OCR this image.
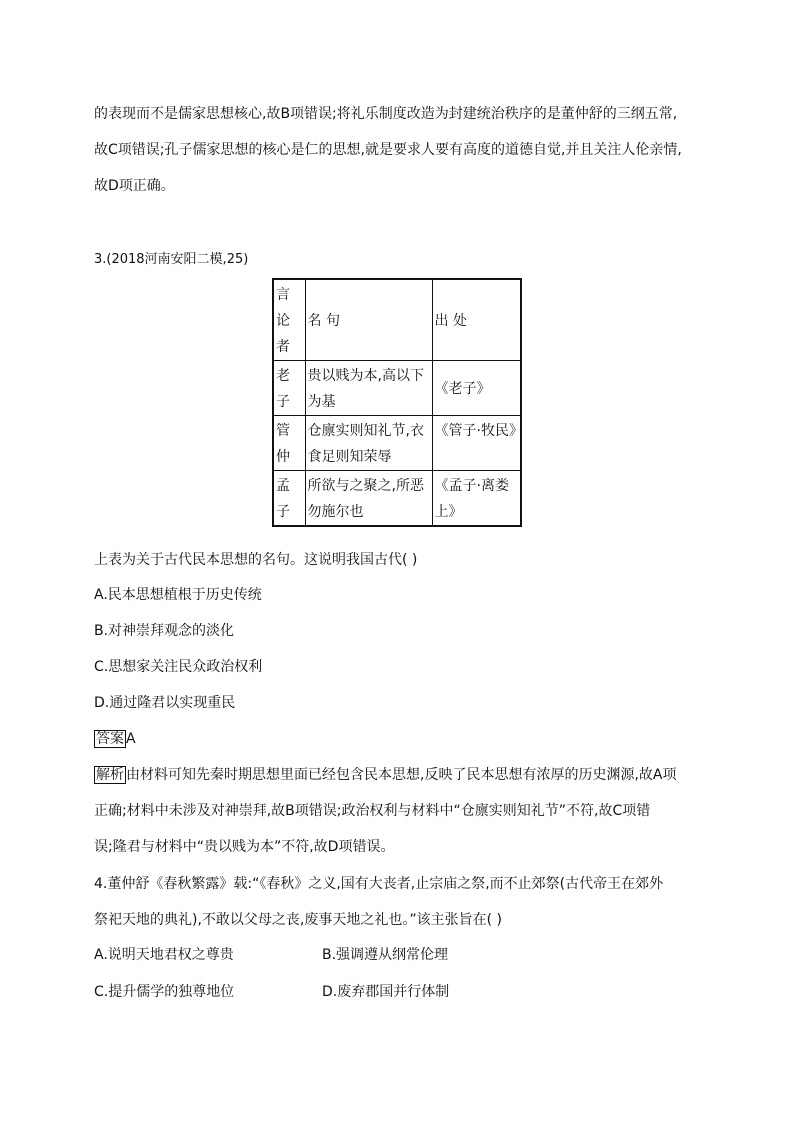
的表现而不是儒家思想核心,故B项错误;将礼乐制度改造为封建统治秩序的是董仲舒的三纲五常,
故C项错误;孔子儒家思想的核心是仁的思想,就是要求人要有高度的道德自觉,并且关注人伦亲情,
故D项正确。
3.(2018河南安阳二模,25)
言论者	名 句	出 处
老子	贵以贱为本,高以下为基	《老子》
管仲	仓廪实则知礼节,衣食足则知荣辱	《管子·牧民》
孟子	所欲与之聚之,所恶勿施尔也	《孟子·离娄上》
上表为关于古代民本思想的名句。这说明我国古代( )
A.民本思想植根于历史传统
B.对神崇拜观念的淡化
C.思想家关注民众政治权利
D.通过隆君以实现重民
答案 A
解析 由材料可知先秦时期思想里面已经包含民本思想,反映了民本思想有浓厚的历史渊源,故A项
正确;材料中未涉及对神崇拜,故B项错误;政治权利与材料中“仓廪实则知礼节”不符,故C项错
误;隆君与材料中“贵以贱为本”不符,故D项错误。
4.董仲舒《春秋繁露》载:“《春秋》之义,国有大丧者,止宗庙之祭,而不止郊祭(古代帝王在郊外
祭祀天地的典礼),不敢以父母之丧,废事天地之礼也。”该主张旨在( )
A.说明天地君权之尊贵	B.强调遵从纲常伦理
C.提升儒学的独尊地位	D.废弃郡国并行体制
